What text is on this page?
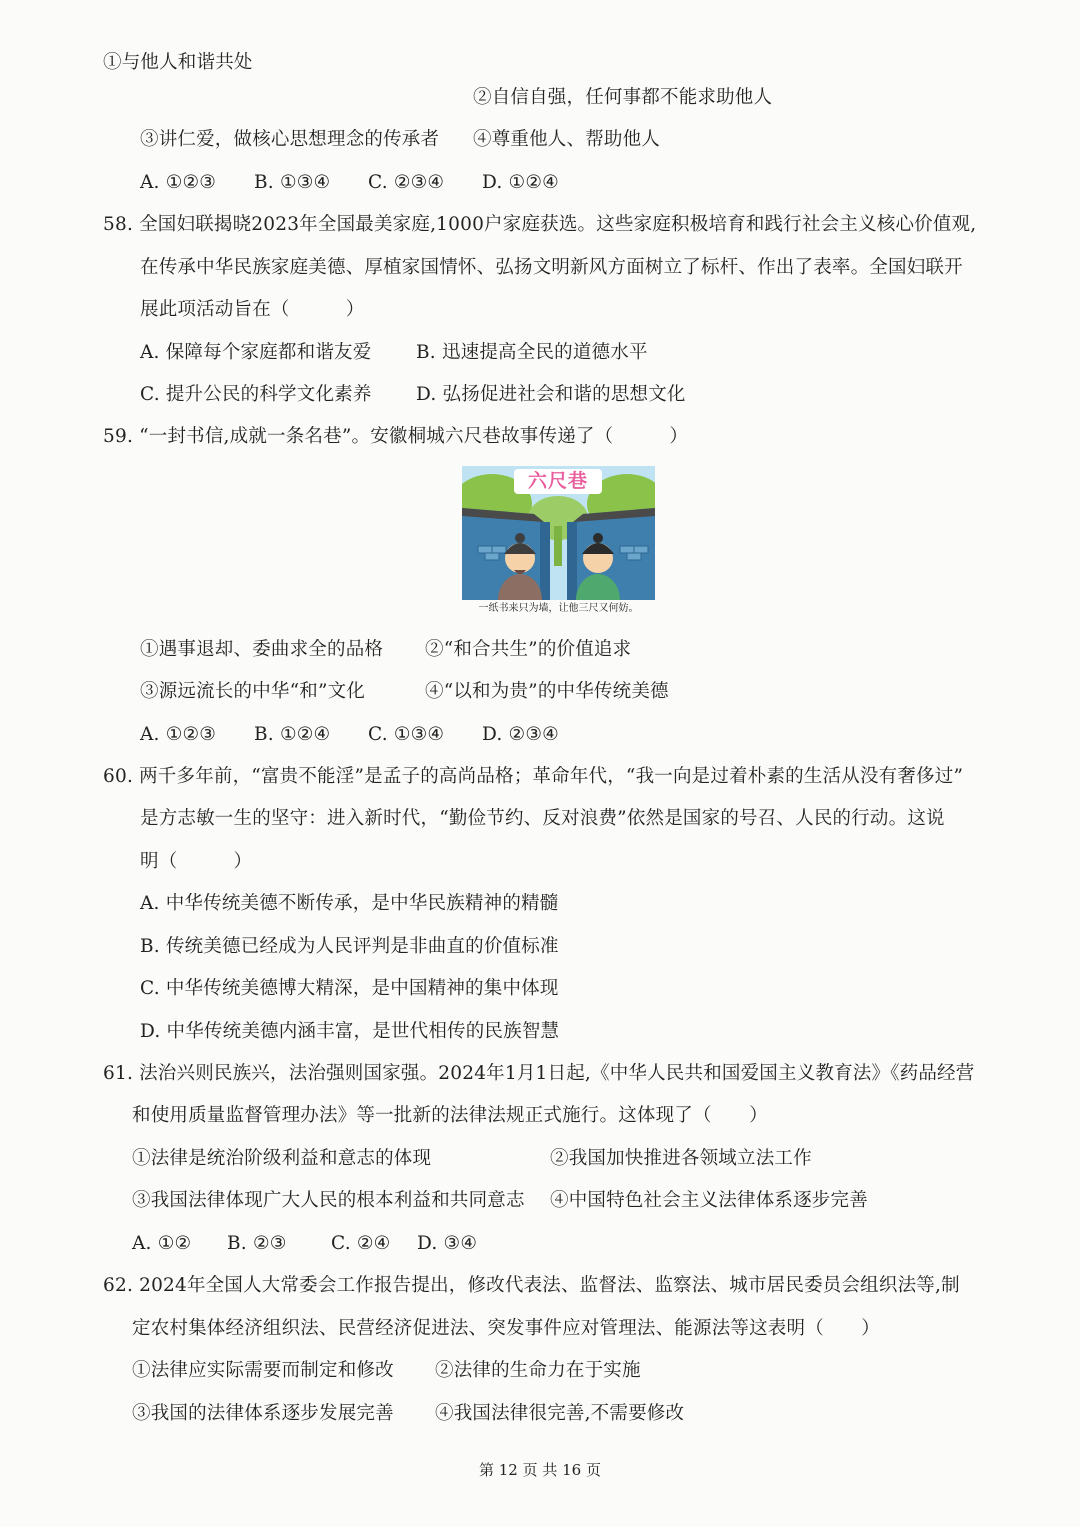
①与他人和谐共处
②自信自强，任何事都不能求助他人
③讲仁爱，做核心思想理念的传承者 ④尊重他人、帮助他人
A. ①②③ B. ①③④ C. ②③④ D. ①②④
58. 全国妇联揭晓2023年全国最美家庭,1000户家庭获选。这些家庭积极培育和践行社会主义核心价值观,
在传承中华民族家庭美德、厚植家国情怀、弘扬文明新风方面树立了标杆、作出了表率。全国妇联开
展此项活动旨在（　　　）
A. 保障每个家庭都和谐友爱 B. 迅速提高全民的道德水平
C. 提升公民的科学文化素养 D. 弘扬促进社会和谐的思想文化
59. “一封书信,成就一条名巷”。安徽桐城六尺巷故事传递了（　　　）
六尺巷
一纸书来只为墙，让他三尺又何妨。
①遇事退却、委曲求全的品格 ②“和合共生”的价值追求
③源远流长的中华“和”文化	④“以和为贵”的中华传统美德
A. ①②③ B. ①②④ C. ①③④ D. ②③④
60. 两千多年前，“富贵不能淫”是孟子的高尚品格；革命年代，“我一向是过着朴素的生活从没有奢侈过”
是方志敏一生的坚守：进入新时代，“勤俭节约、反对浪费”依然是国家的号召、人民的行动。这说
明（　　　）
A. 中华传统美德不断传承，是中华民族精神的精髓
B. 传统美德已经成为人民评判是非曲直的价值标准
C. 中华传统美德博大精深，是中国精神的集中体现
D. 中华传统美德内涵丰富，是世代相传的民族智慧
61. 法治兴则民族兴，法治强则国家强。2024年1月1日起,《中华人民共和国爱国主义教育法》《药品经营
和使用质量监督管理办法》等一批新的法律法规正式施行。这体现了（　　）
①法律是统治阶级利益和意志的体现	②我国加快推进各领域立法工作
③我国法律体现广大人民的根本利益和共同意志 ④中国特色社会主义法律体系逐步完善
A. ①② B. ②③ C. ②④ D. ③④
62. 2024年全国人大常委会工作报告提出，修改代表法、监督法、监察法、城市居民委员会组织法等,制
定农村集体经济组织法、民营经济促进法、突发事件应对管理法、能源法等这表明（　　）
①法律应实际需要而制定和修改 ②法律的生命力在于实施
③我国的法律体系逐步发展完善 ④我国法律很完善,不需要修改
第 12 页 共 16 页
